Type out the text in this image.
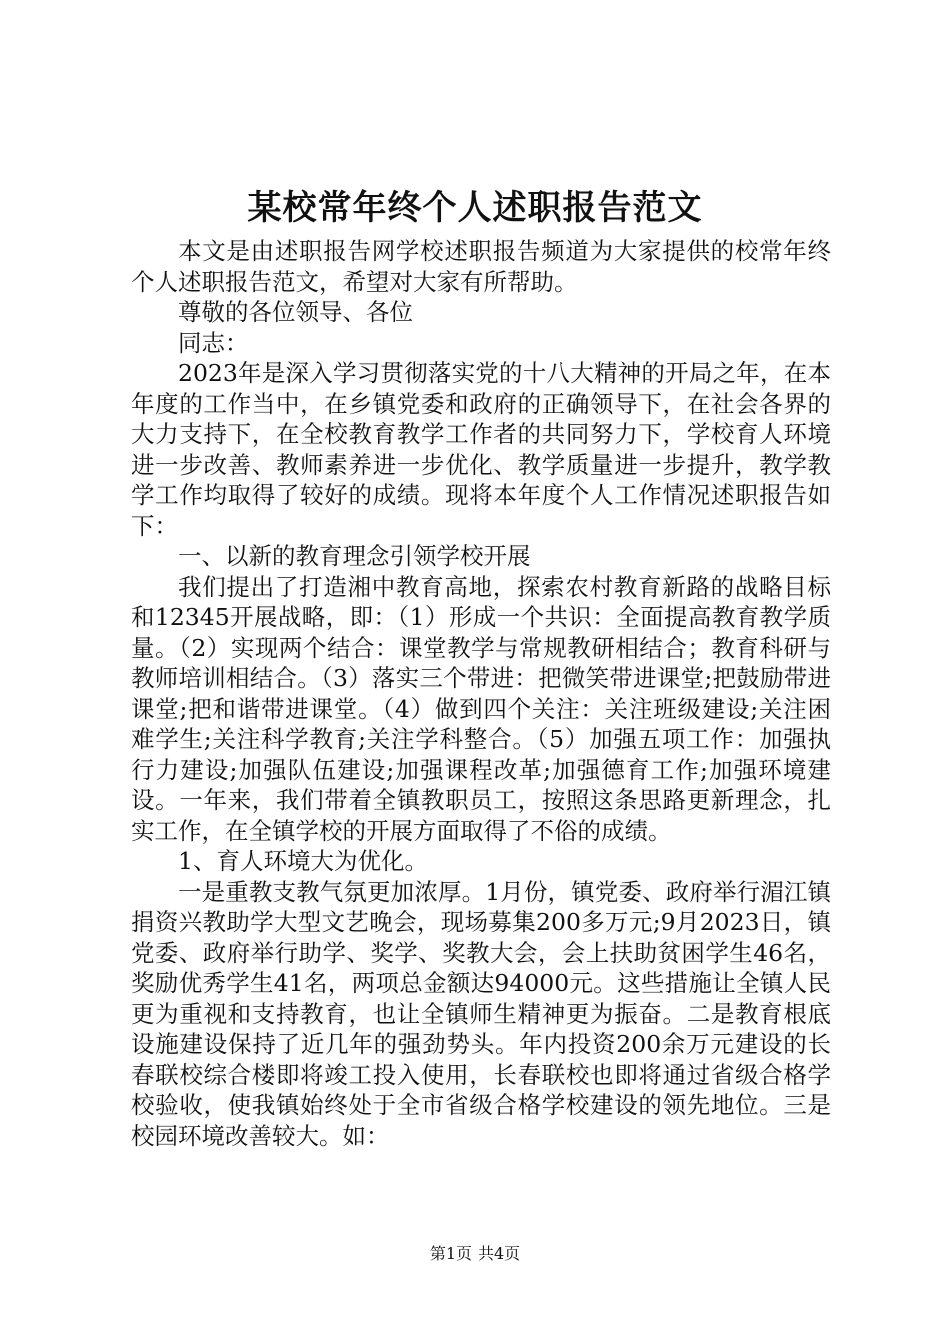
某校常年终个人述职报告范文

本文是由述职报告网学校述职报告频道为大家提供的校常年终个人述职报告范文，希望对大家有所帮助。

尊敬的各位领导、各位

同志：

2023年是深入学习贯彻落实党的十八大精神的开局之年，在本年度的工作当中，在乡镇党委和政府的正确领导下，在社会各界的大力支持下，在全校教育教学工作者的共同努力下，学校育人环境进一步改善、教师素养进一步优化、教学质量进一步提升，教学教学工作均取得了较好的成绩。现将本年度个人工作情况述职报告如下：

一、以新的教育理念引领学校开展

我们提出了打造湘中教育高地，探索农村教育新路的战略目标和12345开展战略，即：（1）形成一个共识：全面提高教育教学质量。（2）实现两个结合：课堂教学与常规教研相结合；教育科研与教师培训相结合。（3）落实三个带进：把微笑带进课堂;把鼓励带进课堂;把和谐带进课堂。（4）做到四个关注：关注班级建设;关注困难学生;关注科学教育;关注学科整合。（5）加强五项工作：加强执行力建设;加强队伍建设;加强课程改革;加强德育工作;加强环境建设。一年来，我们带着全镇教职员工，按照这条思路更新理念，扎实工作，在全镇学校的开展方面取得了不俗的成绩。

1、育人环境大为优化。

一是重教支教气氛更加浓厚。1月份，镇党委、政府举行湄江镇捐资兴教助学大型文艺晚会，现场募集200多万元;9月2023日，镇党委、政府举行助学、奖学、奖教大会，会上扶助贫困学生46名，奖励优秀学生41名，两项总金额达94000元。这些措施让全镇人民更为重视和支持教育，也让全镇师生精神更为振奋。二是教育根底设施建设保持了近几年的强劲势头。年内投资200余万元建设的长春联校综合楼即将竣工投入使用，长春联校也即将通过省级合格学校验收，使我镇始终处于全市省级合格学校建设的领先地位。三是校园环境改善较大。如：

第1页 共4页
